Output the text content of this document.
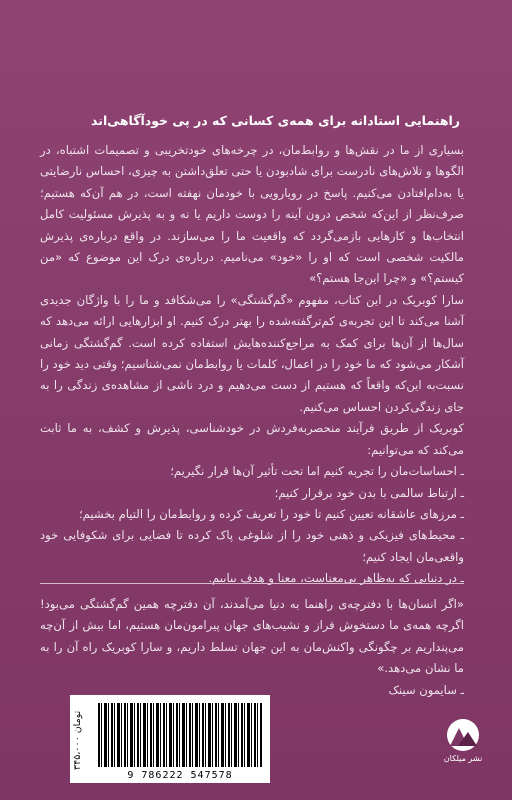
راهنمایی استادانه برای همه‌ی کسانی که در پی خودآگاهی‌اند

بسیاری از ما در نقش‌ها و روابط‌مان، در چرخه‌های خودتخریبی و تصمیمات اشتباه، در الگوها و تلاش‌های نادرست برای شادبودن یا حتی تعلق‌داشتن به چیزی، احساس نارضایتی یا به‌دام‌افتادن می‌کنیم. پاسخ در رویارویی با خودمان نهفته است، در هم آن‌که هستیم؛ صرف‌نظر از این‌که شخص درون آینه را دوست داریم یا نه و به پذیرش مسئولیت کامل انتخاب‌ها و کارهایی بازمی‌گردد که واقعیت ما را می‌سازند. در واقع درباره‌ی پذیرش مالکیت شخصی است که او را «خود» می‌نامیم. درباره‌ی درک این موضوع که «من کیستم؟» و «چرا این‌جا هستم؟»

سارا کوبریک در این کتاب، مفهوم «گم‌گشتگی» را می‌شکافد و ما را با واژگان جدیدی آشنا می‌کند تا این تجربه‌ی کم‌ترگفته‌شده را بهتر درک کنیم. او ابزارهایی ارائه می‌دهد که سال‌ها از آن‌ها برای کمک به مراجع‌کننده‌هایش استفاده کرده است. گم‌گشتگی زمانی آشکار می‌شود که ما خود را در اعمال، کلمات یا روابط‌مان نمی‌شناسیم؛ وقتی دید خود را نسبت‌به این‌که واقعاً که هستیم از دست می‌دهیم و درد ناشی از مشاهده‌ی زندگی را به جای زندگی‌کردن احساس می‌کنیم.

کوبریک از طریق فرآیند منحصربه‌فردش در خودشناسی، پذیرش و کشف، به ما ثابت می‌کند که می‌توانیم:

ـ احساسات‌مان را تجربه کنیم اما تحت تأثیر آن‌ها قرار نگیریم؛
ـ ارتباط سالمی با بدن خود برقرار کنیم؛
ـ مرزهای عاشقانه تعیین کنیم تا خود را تعریف کرده و روابط‌مان را التیام بخشیم؛
ـ محیط‌های فیزیکی و ذهنی خود را از شلوغی پاک کرده تا فضایی برای شکوفایی خود واقعی‌مان ایجاد کنیم؛
ـ در دنیایی که به‌ظاهر بی‌معناست، معنا و هدف بیابیم.

«اگر انسان‌ها با دفترچه‌ی راهنما به دنیا می‌آمدند، آن دفترچه همین گم‌گشتگی می‌بود! اگرچه همه‌ی ما دستخوش فراز و نشیب‌های جهان پیرامون‌مان هستیم، اما بیش از آن‌چه می‌پنداریم بر چگونگی واکنش‌مان به این جهان تسلط داریم، و سارا کوبریک راه آن را به ما نشان می‌دهد.»

ـ سایمون سینک

۳۴۵،۰۰۰ تومان
9 786222 547578
نشر میلکان
